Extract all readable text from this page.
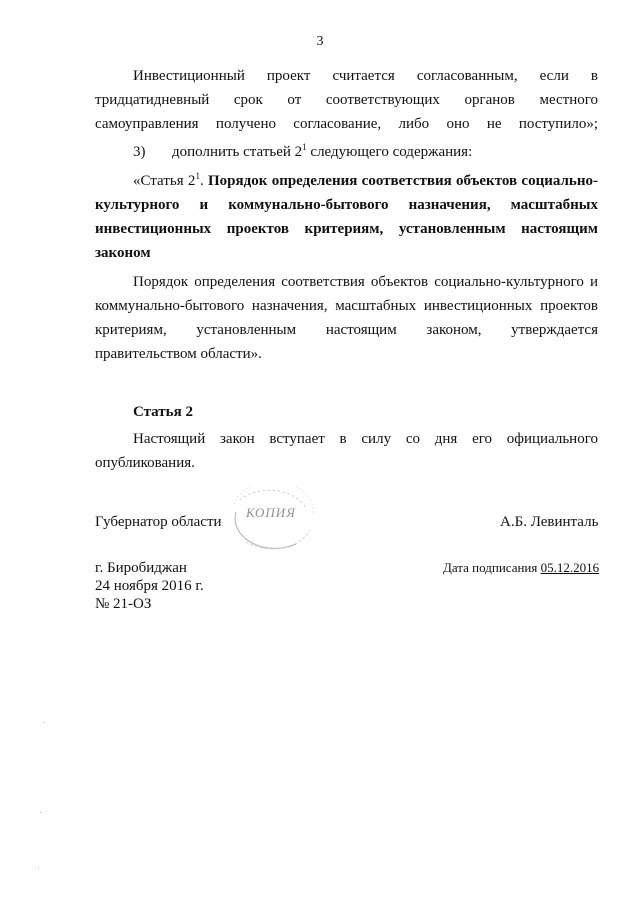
3

Инвестиционный проект считается согласованным, если в тридцатидневный срок от соответствующих органов местного самоуправления получено согласование, либо оно не поступило»;

3) дополнить статьей $2^1$ следующего содержания:

«Статья $2^1$. Порядок определения соответствия объектов социально-культурного и коммунально-бытового назначения, масштабных инвестиционных проектов критериям, установленным настоящим законом

Порядок определения соответствия объектов социально-культурного и коммунально-бытового назначения, масштабных инвестиционных проектов критериям, установленным настоящим законом, утверждается правительством области».

Статья 2

Настоящий закон вступает в силу со дня его официального опубликования.

Губернатор области
КОПИЯ
А.Б. Левинталь
г. Биробиджан	Дата подписания 05.12.2016
24 ноября 2016 г.
№ 21-ОЗ
